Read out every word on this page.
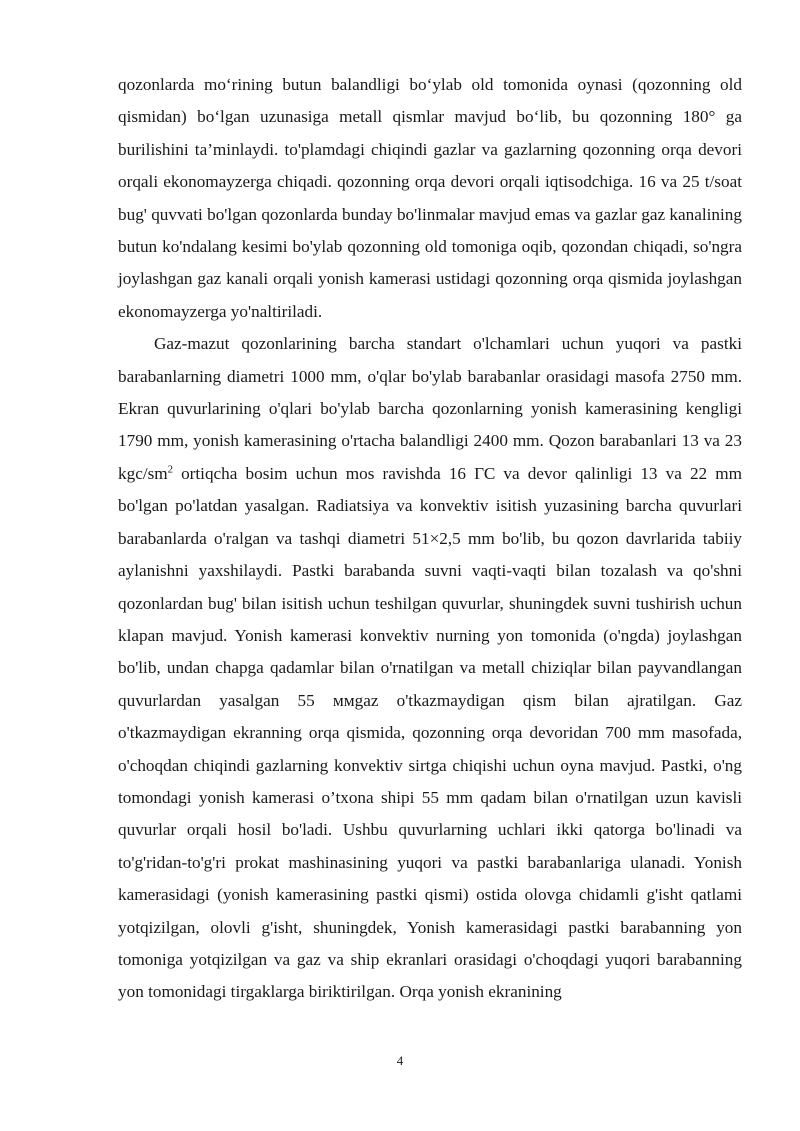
qozonlarda mo‘rining butun balandligi bo‘ylab old tomonida oynasi (qozonning old qismidan) bo‘lgan uzunasiga metall qismlar mavjud bo‘lib, bu qozonning 180° ga burilishini ta’minlaydi. to'plamdagi chiqindi gazlar va gazlarning qozonning orqa devori orqali ekonomayzerga chiqadi. qozonning orqa devori orqali iqtisodchiga. 16 va 25 t/soat bug' quvvati bo'lgan qozonlarda bunday bo'linmalar mavjud emas va gazlar gaz kanalining butun ko'ndalang kesimi bo'ylab qozonning old tomoniga oqib, qozondan chiqadi, so'ngra joylashgan gaz kanali orqali yonish kamerasi ustidagi qozonning orqa qismida joylashgan ekonomayzerga yo'naltiriladi.

Gaz-mazut qozonlarining barcha standart o'lchamlari uchun yuqori va pastki barabanlarning diametri 1000 mm, o'qlar bo'ylab barabanlar orasidagi masofa 2750 mm. Ekran quvurlarining o'qlari bo'ylab barcha qozonlarning yonish kamerasining kengligi 1790 mm, yonish kamerasining o'rtacha balandligi 2400 mm. Qozon barabanlari 13 va 23 kgc/$sm^2$ ortiqcha bosim uchun mos ravishda 16 ГС va devor qalinligi 13 va 22 mm bo'lgan po'latdan yasalgan. Radiatsiya va konvektiv isitish yuzasining barcha quvurlari barabanlarda o'ralgan va tashqi diametri 51×2,5 mm bo'lib, bu qozon davrlarida tabiiy aylanishni yaxshilaydi. Pastki barabanda suvni vaqti-vaqti bilan tozalash va qo'shni qozonlardan bug' bilan isitish uchun teshilgan quvurlar, shuningdek suvni tushirish uchun klapan mavjud. Yonish kamerasi konvektiv nurning yon tomonida (o'ngda) joylashgan bo'lib, undan chapga qadamlar bilan o'rnatilgan va metall chiziqlar bilan payvandlangan quvurlardan yasalgan 55 ммgaz o'tkazmaydigan qism bilan ajratilgan. Gaz o'tkazmaydigan ekranning orqa qismida, qozonning orqa devoridan 700 mm masofada, o'choqdan chiqindi gazlarning konvektiv sirtga chiqishi uchun oyna mavjud. Pastki, o'ng tomondagi yonish kamerasi o’txona shipi 55 mm qadam bilan o'rnatilgan uzun kavisli quvurlar orqali hosil bo'ladi. Ushbu quvurlarning uchlari ikki qatorga bo'linadi va to'g'ridan-to'g'ri prokat mashinasining yuqori va pastki barabanlariga ulanadi. Yonish kamerasidagi (yonish kamerasining pastki qismi) ostida olovga chidamli g'isht qatlami yotqizilgan, olovli g'isht, shuningdek, Yonish kamerasidagi pastki barabanning yon tomoniga yotqizilgan va gaz va ship ekranlari orasidagi o'choqdagi yuqori barabanning yon tomonidagi tirgaklarga biriktirilgan. Orqa yonish ekranining

4
